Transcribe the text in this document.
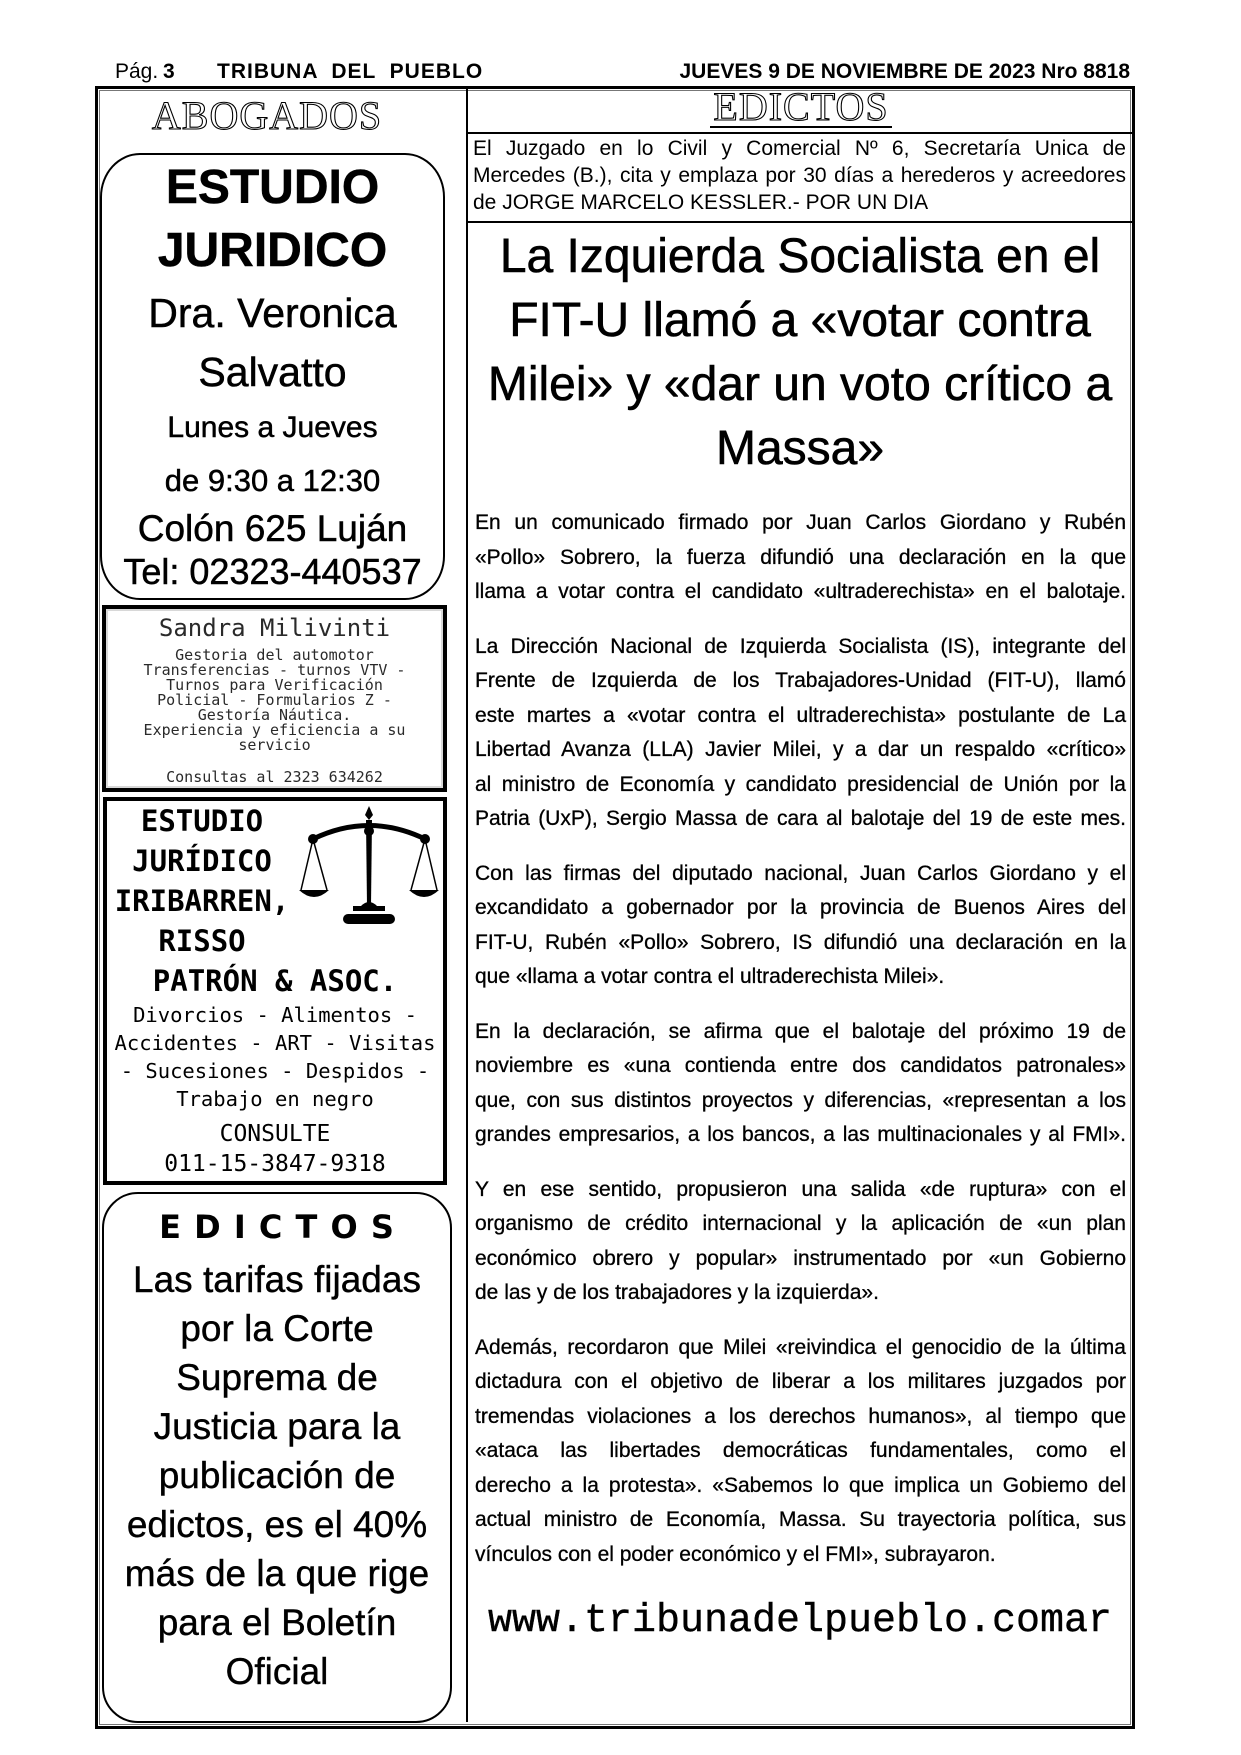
Pág. 3 TRIBUNA  DEL  PUEBLO	JUEVES 9 DE NOVIEMBRE DE 2023 Nro 8818
ABOGADOS
ESTUDIO
JURIDICO
Dra. Veronica
Salvatto
Lunes a Jueves
de 9:30 a 12:30
Colón 625 Luján
Tel: 02323-440537
Sandra Milivinti
Gestoria del automotor
Transferencias - turnos VTV -
Turnos para Verificación
Policial - Formularios Z -
Gestoría Náutica.
Experiencia y eficiencia a su
servicio
Consultas al 2323 634262
ESTUDIO
JURÍDICO
IRIBARREN,
RISSO
PATRÓN & ASOC.
Divorcios - Alimentos -
Accidentes - ART - Visitas
- Sucesiones - Despidos -
Trabajo en negro
CONSULTE
011-15-3847-9318
E D I C T O S
Las tarifas fijadas
por la Corte
Suprema de
Justicia para la
publicación de
edictos, es el 40%
más de la que rige
para el Boletín
Oficial
EDICTOS
El Juzgado en lo Civil y Comercial Nº 6, Secretaría Unica de
Mercedes (B.), cita y emplaza por 30 días a herederos y acreedores
de JORGE MARCELO KESSLER.- POR UN DIA
La Izquierda Socialista en el
FIT-U llamó a «votar contra
Milei» y «dar un voto crítico a
Massa»
En un comunicado firmado por Juan Carlos Giordano y Rubén
«Pollo» Sobrero, la fuerza difundió una declaración en la que
llama a votar contra el candidato «ultraderechista» en el balotaje.
La Dirección Nacional de Izquierda Socialista (IS), integrante del
Frente de Izquierda de los Trabajadores-Unidad (FIT-U), llamó
este martes a «votar contra el ultraderechista» postulante de La
Libertad Avanza (LLA) Javier Milei, y a dar un respaldo «crítico»
al ministro de Economía y candidato presidencial de Unión por la
Patria (UxP), Sergio Massa de cara al balotaje del 19 de este mes.
Con las firmas del diputado nacional, Juan Carlos Giordano y el
excandidato a gobernador por la provincia de Buenos Aires del
FIT-U, Rubén «Pollo» Sobrero, IS difundió una declaración en la
que «llama a votar contra el ultraderechista Milei».
En la declaración, se afirma que el balotaje del próximo 19 de
noviembre es «una contienda entre dos candidatos patronales»
que, con sus distintos proyectos y diferencias, «representan a los
grandes empresarios, a los bancos, a las multinacionales y al FMI».
Y en ese sentido, propusieron una salida «de ruptura» con el
organismo de crédito internacional y la aplicación de «un plan
económico obrero y popular» instrumentado por «un Gobierno
de las y de los trabajadores y la izquierda».
Además, recordaron que Milei «reivindica el genocidio de la última
dictadura con el objetivo de liberar a los militares juzgados por
tremendas violaciones a los derechos humanos», al tiempo que
«ataca las libertades democráticas fundamentales, como el
derecho a la protesta». «Sabemos lo que implica un Gobiemo del
actual ministro de Economía, Massa. Su trayectoria política, sus
vínculos con el poder económico y el FMI», subrayaron.
www.tribunadelpueblo.comar
